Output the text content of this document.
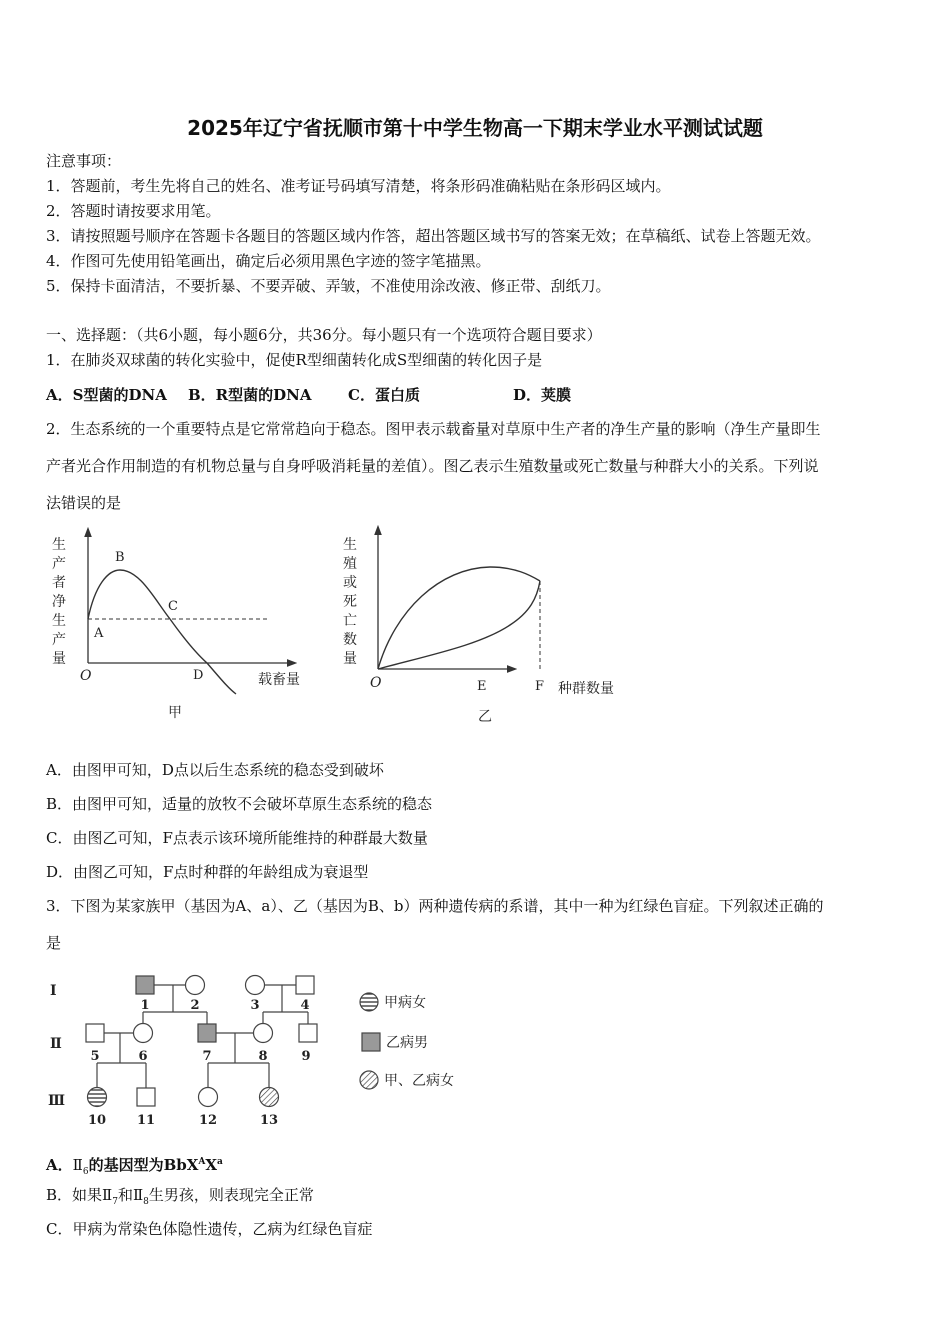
2025年辽宁省抚顺市第十中学生物高一下期末学业水平测试试题
注意事项：
1．答题前，考生先将自己的姓名、准考证号码填写清楚，将条形码准确粘贴在条形码区域内。
2．答题时请按要求用笔。
3．请按照题号顺序在答题卡各题目的答题区域内作答，超出答题区域书写的答案无效；在草稿纸、试卷上答题无效。
4．作图可先使用铅笔画出，确定后必须用黑色字迹的签字笔描黑。
5．保持卡面清洁，不要折暴、不要弄破、弄皱，不准使用涂改液、修正带、刮纸刀。
一、选择题：（共6小题，每小题6分，共36分。每小题只有一个选项符合题目要求）
1．在肺炎双球菌的转化实验中，促使R型细菌转化成S型细菌的转化因子是
A．S型菌的DNA B．R型菌的DNA C．蛋白质	D．荚膜
2．生态系统的一个重要特点是它常常趋向于稳态。图甲表示载畜量对草原中生产者的净生产量的影响（净生产量即生
产者光合作用制造的有机物总量与自身呼吸消耗量的差值）。图乙表示生殖数量或死亡数量与种群大小的关系。下列说
法错误的是
生
产
者
净
生
产
量
O
A
B
C
D	载畜量
甲
生
殖
或
死
亡
数
量
O	E	F 种群数量
乙
Ⅰ
Ⅱ
Ⅲ
1	2	3	4
5	6	7	8	9
10 11	12	13
甲病女
乙病男
甲、乙病女
A．由图甲可知，D点以后生态系统的稳态受到破坏
B．由图甲可知，适量的放牧不会破坏草原生态系统的稳态
C．由图乙可知，F点表示该环境所能维持的种群最大数量
D．由图乙可知，F点时种群的年龄组成为衰退型
3．下图为某家族甲（基因为A、a）、乙（基因为B、b）两种遗传病的系谱，其中一种为红绿色盲症。下列叙述正确的
是
A．$Ⅱ_6$的基因型为$BbX^AX^a$
B．如果$Ⅱ_7$和$Ⅱ_8$生男孩，则表现完全正常
C．甲病为常染色体隐性遗传，乙病为红绿色盲症
